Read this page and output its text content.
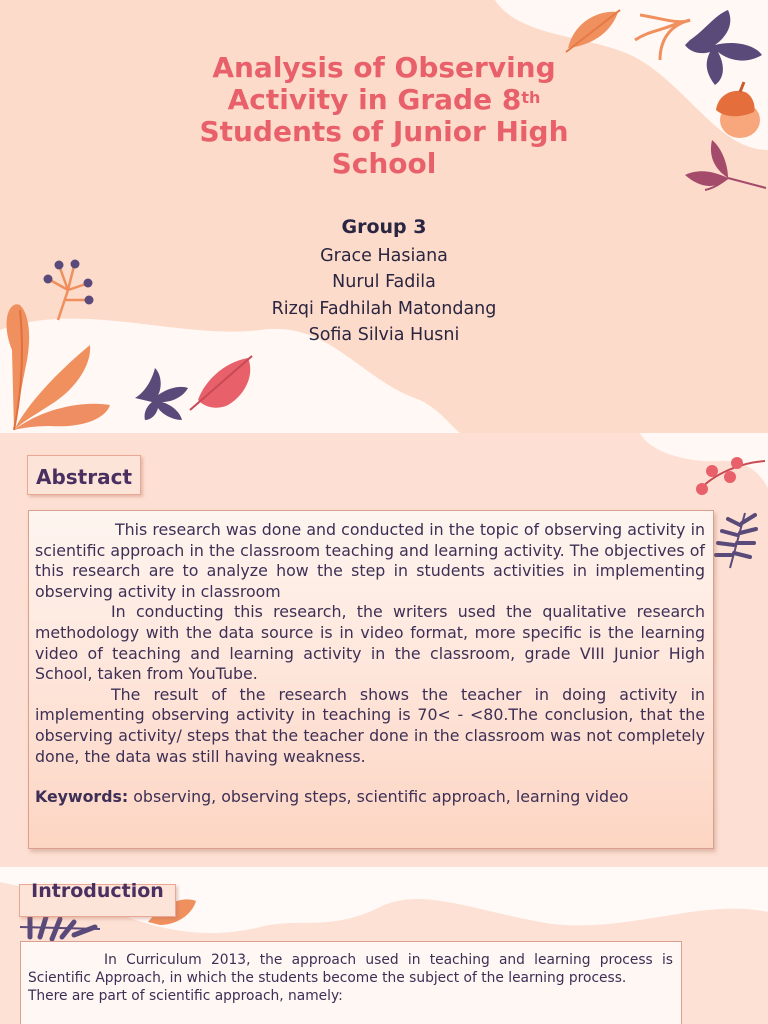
Analysis of Observing
Activity in Grade 8th
Students of Junior High
School
Group 3
Grace Hasiana
Nurul Fadila
Rizqi Fadhilah Matondang
Sofia Silvia Husni
Abstract

This research was done and conducted in the topic of observing activity in scientific approach in the classroom teaching and learning activity. The objectives of this research are to analyze how the step in students activities in implementing observing activity in classroom

In conducting this research, the writers used the qualitative research methodology with the data source is in video format, more specific is the learning video of teaching and learning activity in the classroom, grade VIII Junior High School, taken from YouTube.

The result of the research shows the teacher in doing activity in implementing observing activity in teaching is 70< - <80.The conclusion, that the observing activity/ steps that the teacher done in the classroom was not completely done, the data was still having weakness.

Keywords: observing, observing steps, scientific approach, learning video

Introduction

In Curriculum 2013, the approach used in teaching and learning process is Scientific Approach, in which the students become the subject of the learning process.

There are part of scientific approach, namely:
